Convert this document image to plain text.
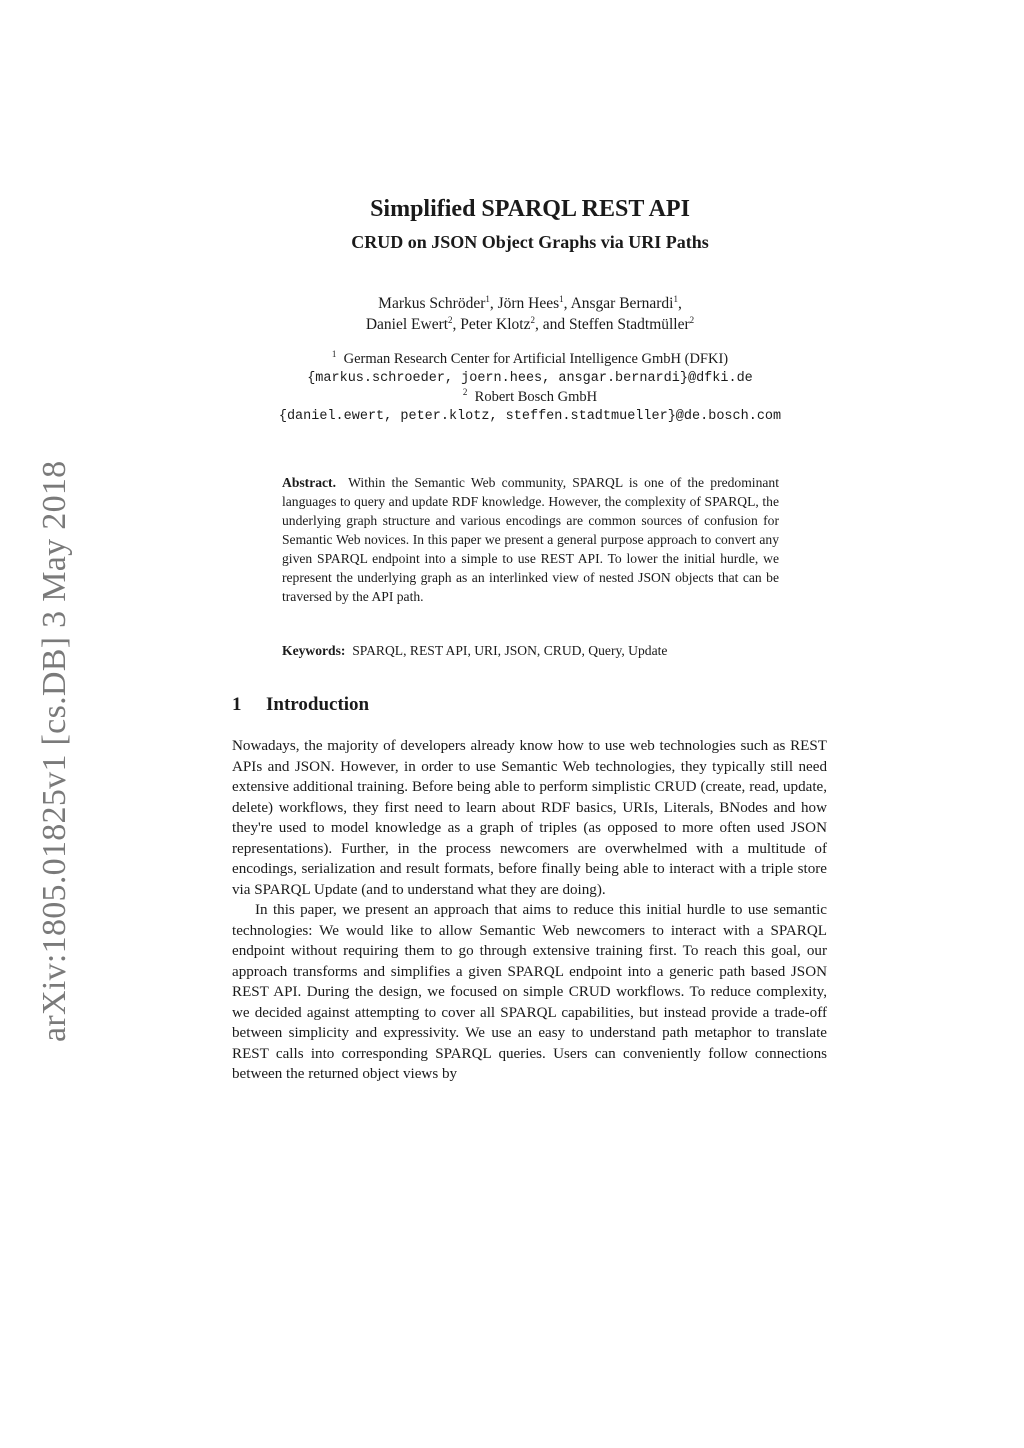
arXiv:1805.01825v1 [cs.DB] 3 May 2018
Simplified SPARQL REST API
CRUD on JSON Object Graphs via URI Paths
Markus Schröder$^1$, Jörn Hees$^1$, Ansgar Bernardi$^1$,
Daniel Ewert$^2$, Peter Klotz$^2$, and Steffen Stadtmüller$^2$
$^1$ German Research Center for Artificial Intelligence GmbH (DFKI)
{markus.schroeder, joern.hees, ansgar.bernardi}@dfki.de
$^2$ Robert Bosch GmbH
{daniel.ewert, peter.klotz, steffen.stadtmueller}@de.bosch.com
Abstract. Within the Semantic Web community, SPARQL is one of the predominant languages to query and update RDF knowledge. However, the complexity of SPARQL, the underlying graph structure and various encodings are common sources of confusion for Semantic Web novices. In this paper we present a general purpose approach to convert any given SPARQL endpoint into a simple to use REST API. To lower the initial hurdle, we represent the underlying graph as an interlinked view of nested JSON objects that can be traversed by the API path.
Keywords: SPARQL, REST API, URI, JSON, CRUD, Query, Update
1 Introduction

Nowadays, the majority of developers already know how to use web technologies such as REST APIs and JSON. However, in order to use Semantic Web technologies, they typically still need extensive additional training. Before being able to perform simplistic CRUD (create, read, update, delete) workflows, they first need to learn about RDF basics, URIs, Literals, BNodes and how they're used to model knowledge as a graph of triples (as opposed to more often used JSON representations). Further, in the process newcomers are overwhelmed with a multitude of encodings, serialization and result formats, before finally being able to interact with a triple store via SPARQL Update (and to understand what they are doing).

In this paper, we present an approach that aims to reduce this initial hurdle to use semantic technologies: We would like to allow Semantic Web newcomers to interact with a SPARQL endpoint without requiring them to go through extensive training first. To reach this goal, our approach transforms and simplifies a given SPARQL endpoint into a generic path based JSON REST API. During the design, we focused on simple CRUD workflows. To reduce complexity, we decided against attempting to cover all SPARQL capabilities, but instead provide a trade-off between simplicity and expressivity. We use an easy to understand path metaphor to translate REST calls into corresponding SPARQL queries. Users can conveniently follow connections between the returned object views by
